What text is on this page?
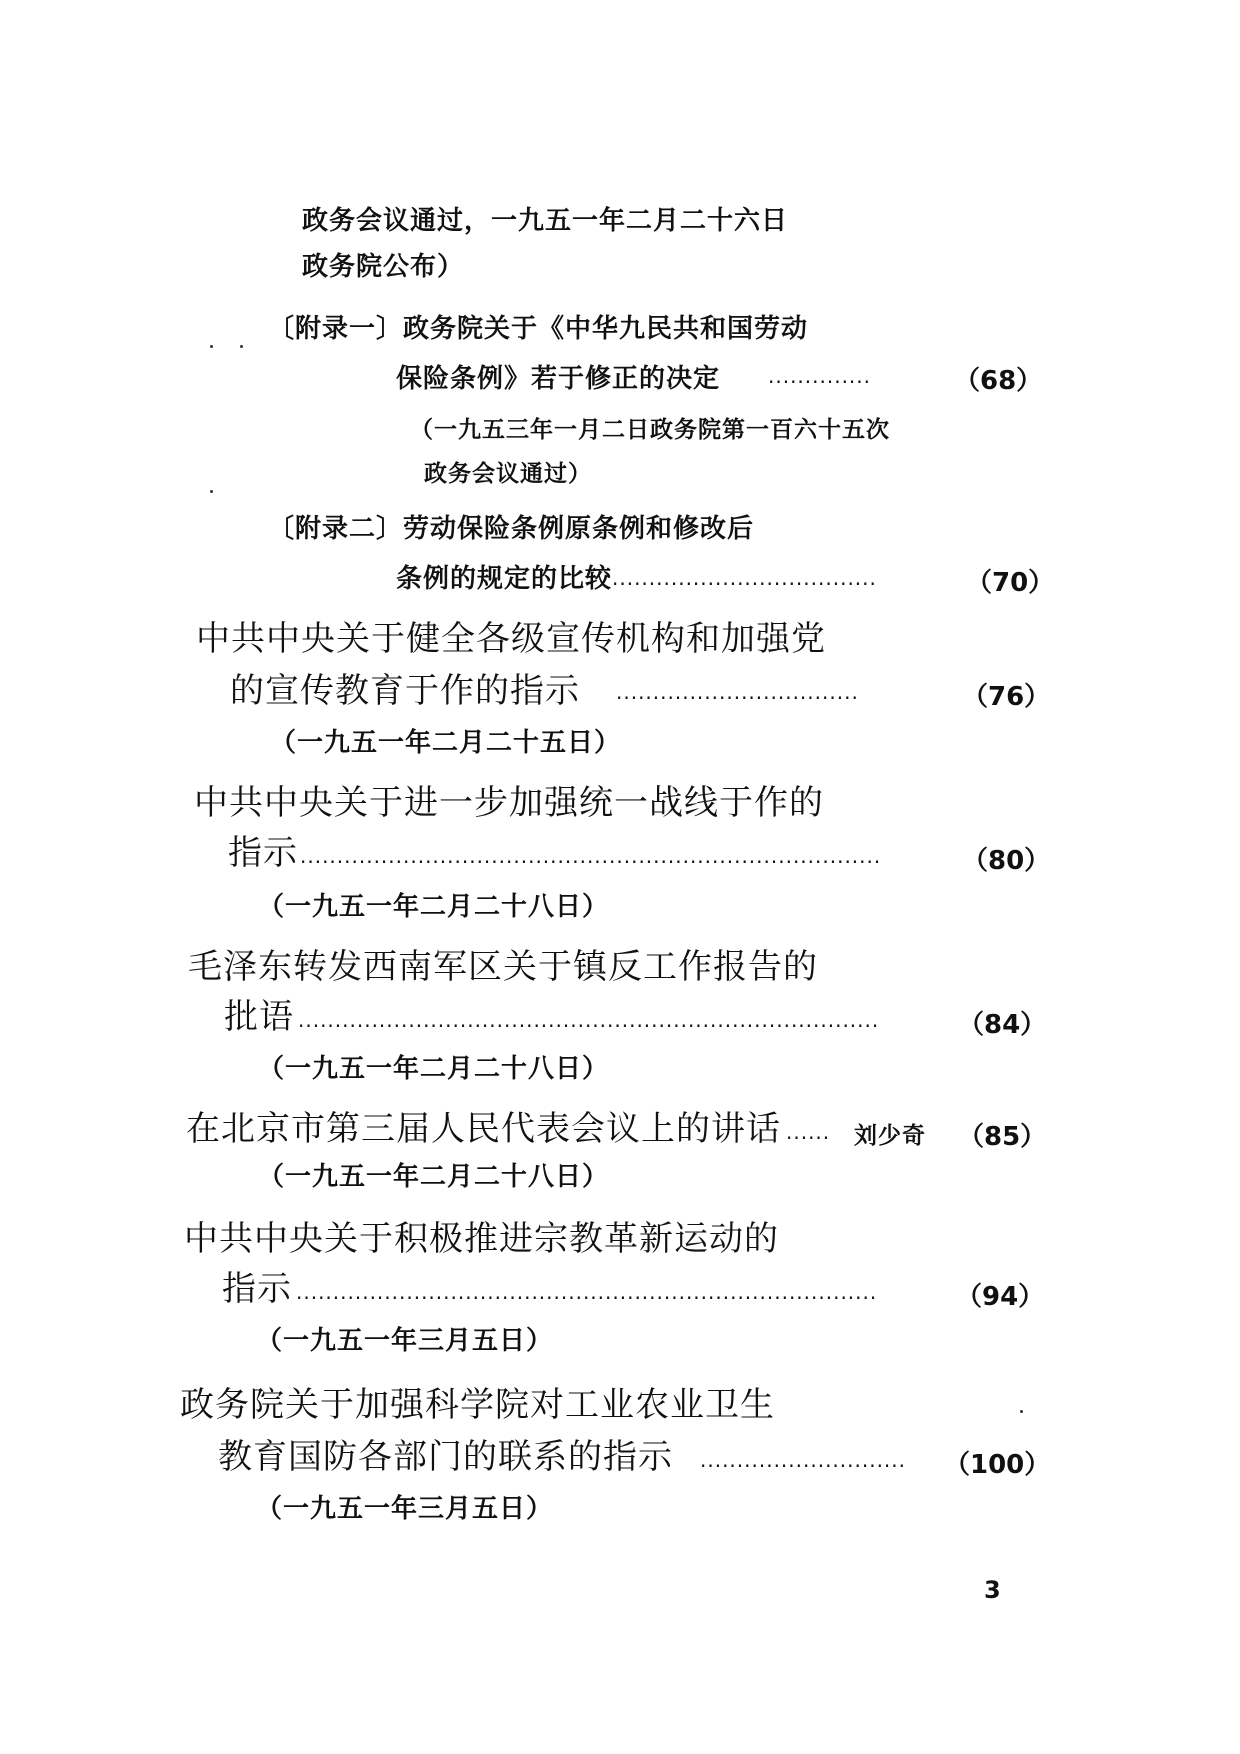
政务会议通过，一九五一年二月二十六日
政务院公布）
〔附录一〕政务院关于《中华九民共和国劳动
保险条例》若于修正的决定 ··············	（68）
（一九五三年一月二日政务院第一百六十五次
政务会议通过）
〔附录二〕劳动保险条例原条例和修改后
条例的规定的比较 ····································	（70）
中共中央关于健全各级宣传机构和加强党
的宣传教育于作的指示 ·································	（76）
（一九五一年二月二十五日）
中共中央关于进一步加强统一战线于作的
指示 ···············································································	（80）
（一九五一年二月二十八日）
毛泽东转发西南军区关于镇反工作报告的
批语 ···············································································	（84）
（一九五一年二月二十八日）
在北京市第三届人民代表会议上的讲话 ······	刘少奇 （85）
（一九五一年二月二十八日）
中共中央关于积极推进宗教革新运动的
指示 ···············································································	（94）
（一九五一年三月五日）
政务院关于加强科学院对工业农业卫生
教育国防各部门的联系的指示 ····························	（100）
（一九五一年三月五日）
3
